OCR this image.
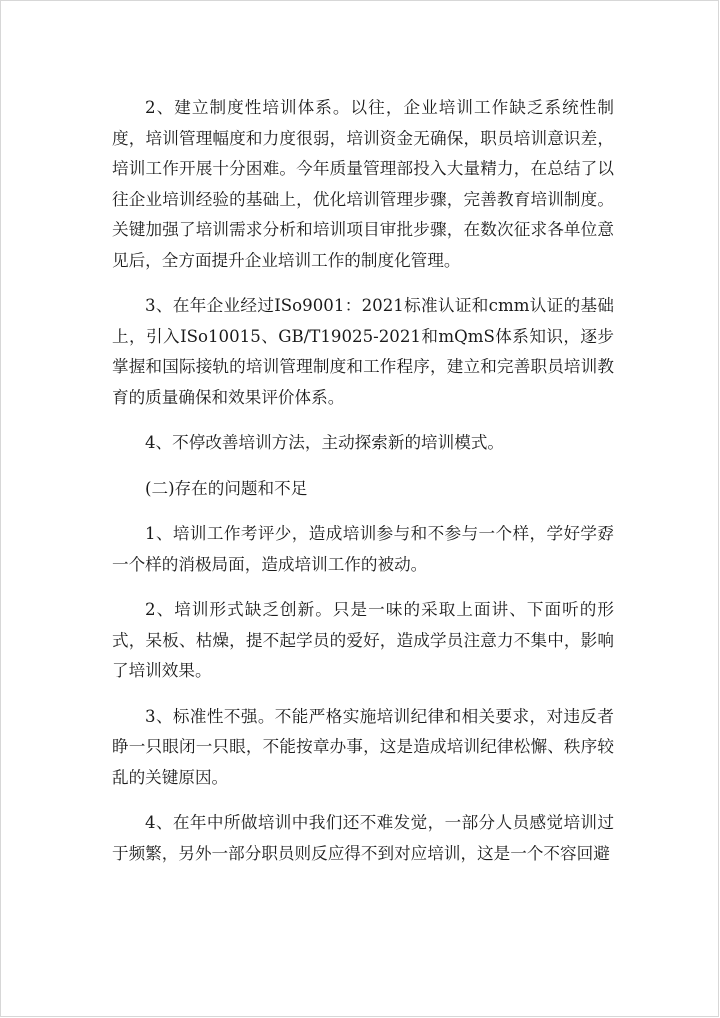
2、建立制度性培训体系。以往，企业培训工作缺乏系统性制度，培训管理幅度和力度很弱，培训资金无确保，职员培训意识差，培训工作开展十分困难。今年质量管理部投入大量精力，在总结了以往企业培训经验的基础上，优化培训管理步骤，完善教育培训制度。关键加强了培训需求分析和培训项目审批步骤，在数次征求各单位意见后，全方面提升企业培训工作的制度化管理。

3、在年企业经过ISo9001：2021标准认证和cmm认证的基础上，引入ISo10015、GB/T19025-2021和mQmS体系知识，逐步掌握和国际接轨的培训管理制度和工作程序，建立和完善职员培训教育的质量确保和效果评价体系。

4、不停改善培训方法，主动探索新的培训模式。

(二)存在的问题和不足

1、培训工作考评少，造成培训参与和不参与一个样，学好学孬一个样的消极局面，造成培训工作的被动。

2、培训形式缺乏创新。只是一味的采取上面讲、下面听的形式，呆板、枯燥，提不起学员的爱好，造成学员注意力不集中，影响了培训效果。

3、标准性不强。不能严格实施培训纪律和相关要求，对违反者睁一只眼闭一只眼，不能按章办事，这是造成培训纪律松懈、秩序较乱的关键原因。

4、在年中所做培训中我们还不难发觉，一部分人员感觉培训过于频繁，另外一部分职员则反应得不到对应培训，这是一个不容回避
